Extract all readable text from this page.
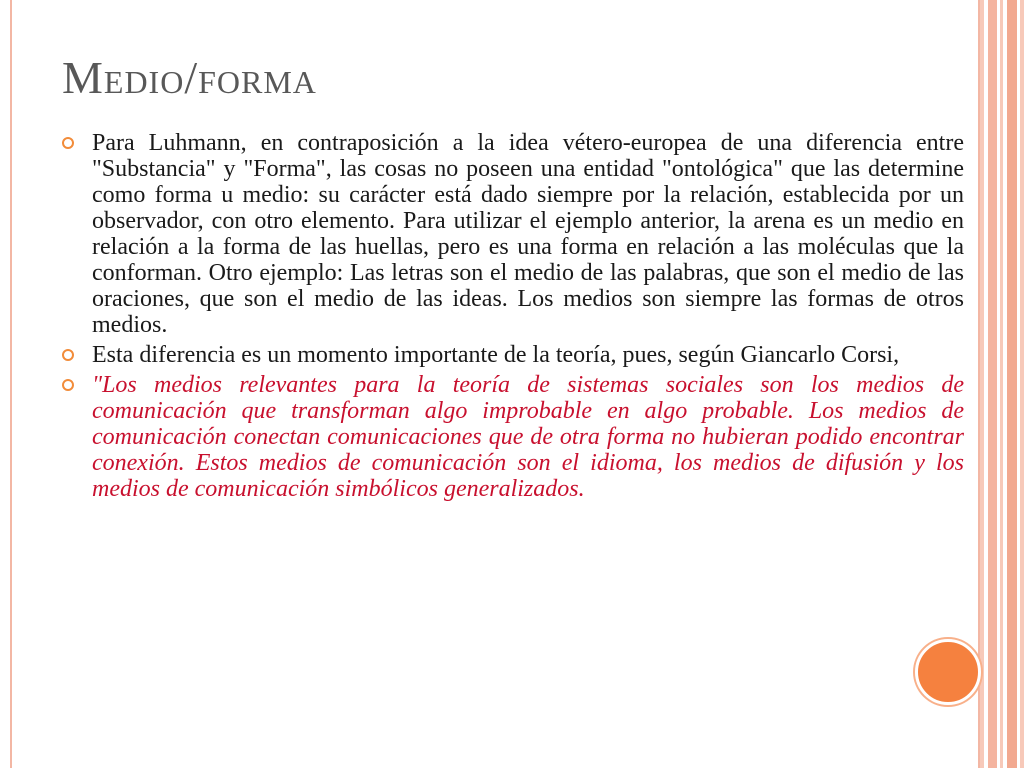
Medio/forma

Para Luhmann, en contraposición a la idea vétero-europea de una diferencia entre "Substancia" y "Forma", las cosas no poseen una entidad "ontológica" que las determine como forma u medio: su carácter está dado siempre por la relación, establecida por un observador, con otro elemento. Para utilizar el ejemplo anterior, la arena es un medio en relación a la forma de las huellas, pero es una forma en relación a las moléculas que la conforman. Otro ejemplo: Las letras son el medio de las palabras, que son el medio de las oraciones, que son el medio de las ideas. Los medios son siempre las formas de otros medios.

Esta diferencia es un momento importante de la teoría, pues, según Giancarlo Corsi,

"Los medios relevantes para la teoría de sistemas sociales son los medios de comunicación que transforman algo improbable en algo probable. Los medios de comunicación conectan comunicaciones que de otra forma no hubieran podido encontrar conexión. Estos medios de comunicación son el idioma, los medios de difusión y los medios de comunicación simbólicos generalizados.
